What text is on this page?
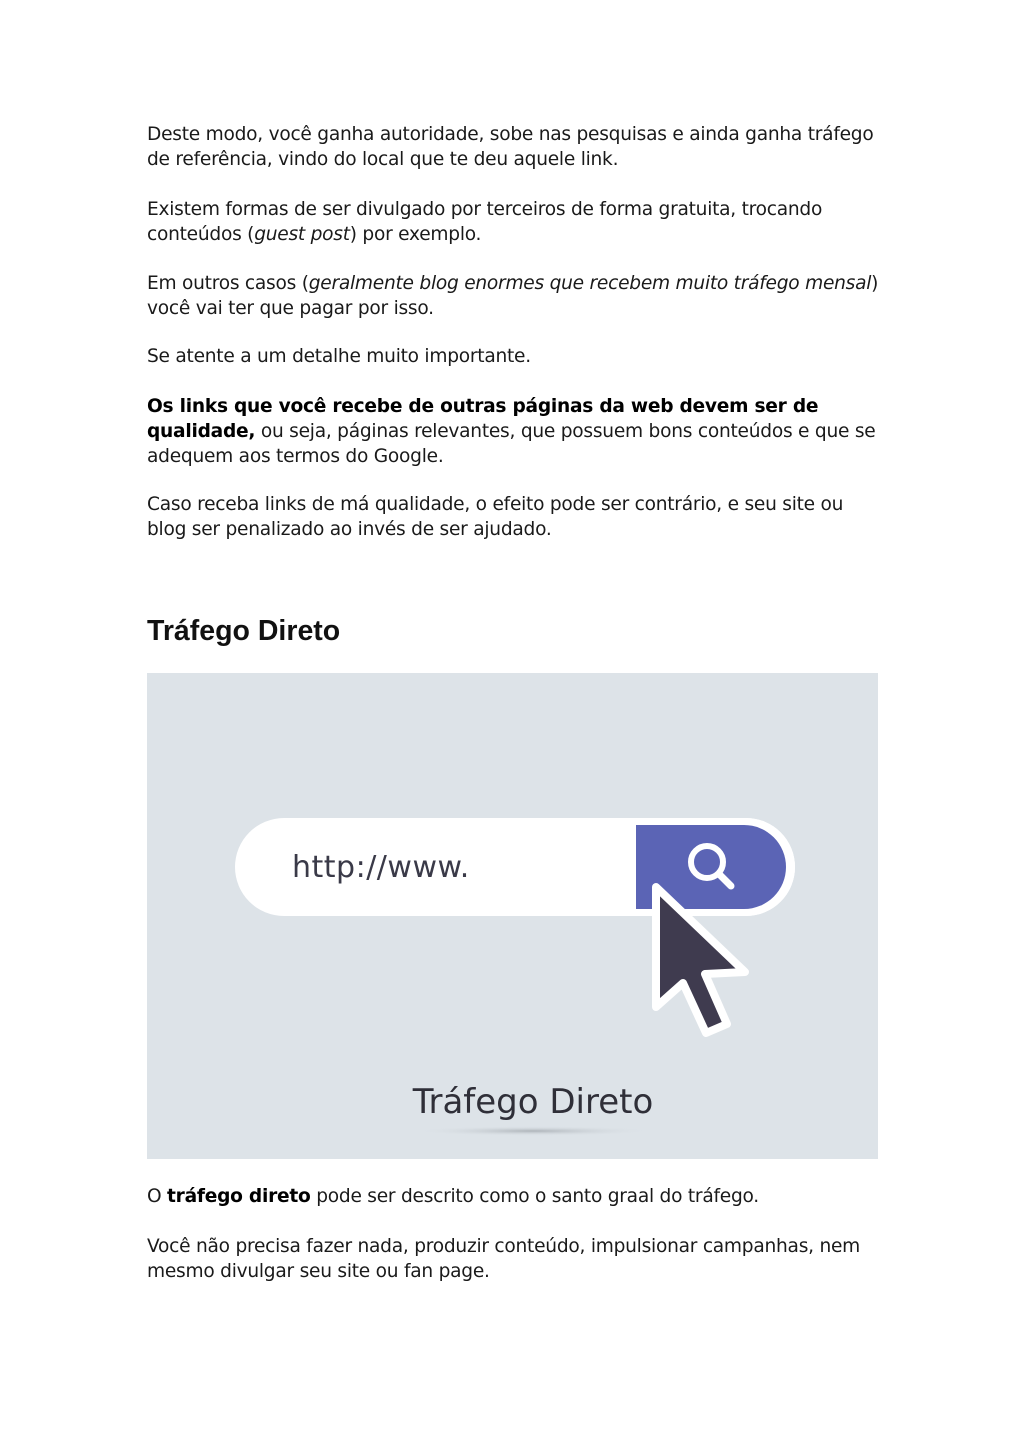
Deste modo, você ganha autoridade, sobe nas pesquisas e ainda ganha tráfego de referência, vindo do local que te deu aquele link.

Existem formas de ser divulgado por terceiros de forma gratuita, trocando conteúdos (guest post) por exemplo.

Em outros casos (geralmente blog enormes que recebem muito tráfego mensal) você vai ter que pagar por isso.

Se atente a um detalhe muito importante.

Os links que você recebe de outras páginas da web devem ser de qualidade, ou seja, páginas relevantes, que possuem bons conteúdos e que se adequem aos termos do Google.

Caso receba links de má qualidade, o efeito pode ser contrário, e seu site ou blog ser penalizado ao invés de ser ajudado.

Tráfego Direto
http://www.
Tráfego Direto

O tráfego direto pode ser descrito como o santo graal do tráfego.

Você não precisa fazer nada, produzir conteúdo, impulsionar campanhas, nem mesmo divulgar seu site ou fan page.
